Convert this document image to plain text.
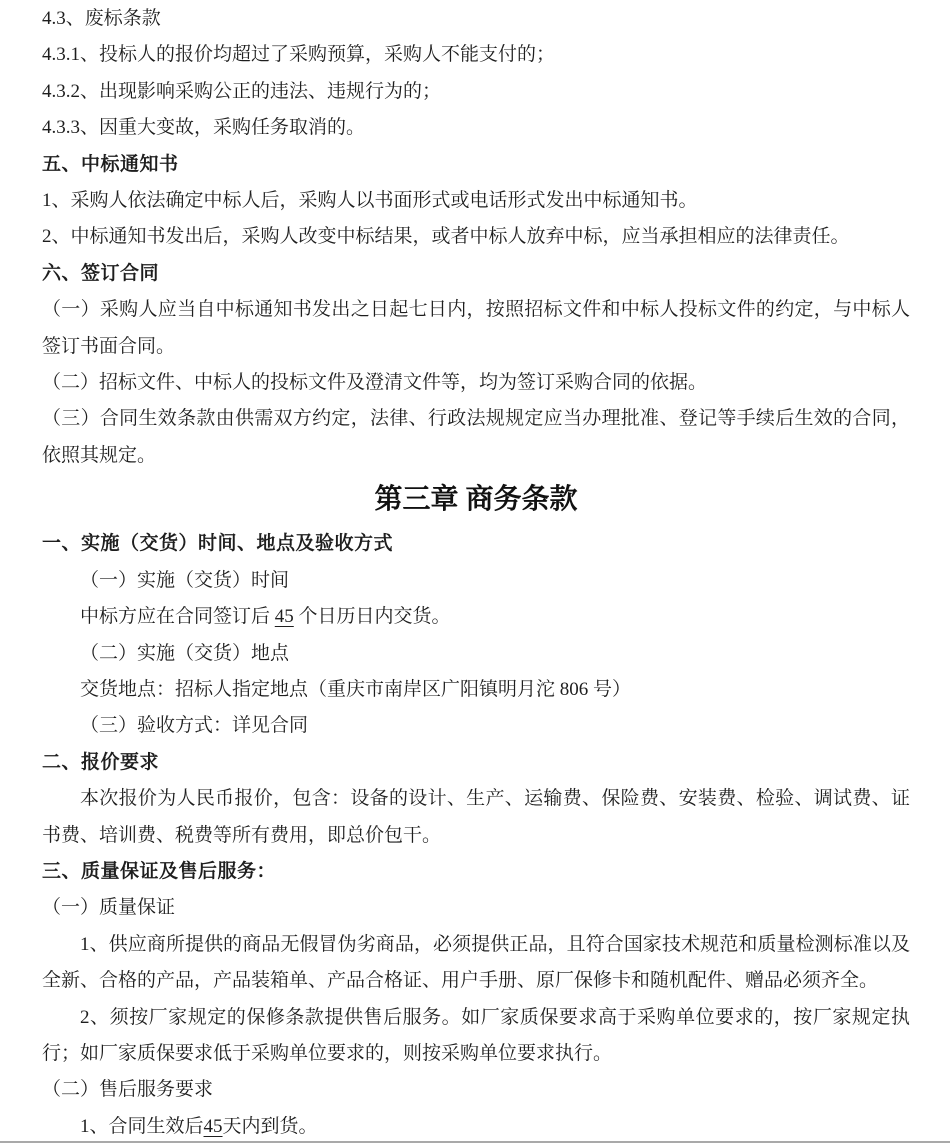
4.3、废标条款

4.3.1、投标人的报价均超过了采购预算，采购人不能支付的；

4.3.2、出现影响采购公正的违法、违规行为的；

4.3.3、因重大变故，采购任务取消的。

五、中标通知书

1、采购人依法确定中标人后，采购人以书面形式或电话形式发出中标通知书。

2、中标通知书发出后，采购人改变中标结果，或者中标人放弃中标，应当承担相应的法律责任。

六、签订合同

（一）采购人应当自中标通知书发出之日起七日内，按照招标文件和中标人投标文件的约定，与中标人签订书面合同。

（二）招标文件、中标人的投标文件及澄清文件等，均为签订采购合同的依据。

（三）合同生效条款由供需双方约定，法律、行政法规规定应当办理批准、登记等手续后生效的合同，依照其规定。

第三章 商务条款

一、实施（交货）时间、地点及验收方式

（一）实施（交货）时间

中标方应在合同签订后 45 个日历日内交货。

（二）实施（交货）地点

交货地点：招标人指定地点（重庆市南岸区广阳镇明月沱 806 号）

（三）验收方式：详见合同

二、报价要求

本次报价为人民币报价，包含：设备的设计、生产、运输费、保险费、安装费、检验、调试费、证书费、培训费、税费等所有费用，即总价包干。

三、质量保证及售后服务：

（一）质量保证

1、供应商所提供的商品无假冒伪劣商品，必须提供正品，且符合国家技术规范和质量检测标准以及全新、合格的产品，产品装箱单、产品合格证、用户手册、原厂保修卡和随机配件、赠品必须齐全。

2、须按厂家规定的保修条款提供售后服务。如厂家质保要求高于采购单位要求的，按厂家规定执行；如厂家质保要求低于采购单位要求的，则按采购单位要求执行。

（二）售后服务要求

1、合同生效后45天内到货。
